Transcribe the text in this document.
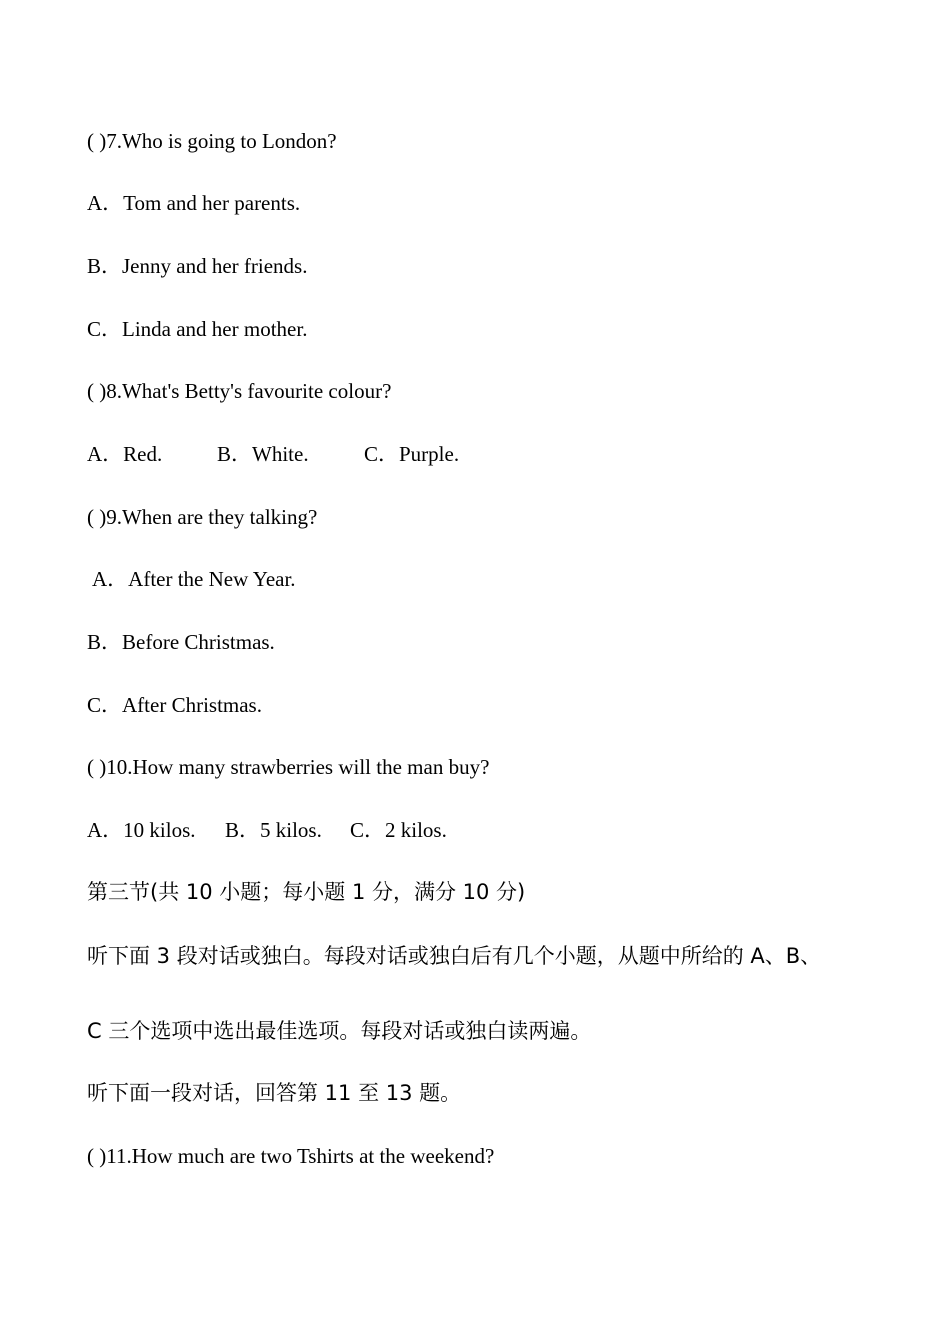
( )7.Who is going to London?
A．Tom and her parents.
B．Jenny and her friends.
C．Linda and her mother.
( )8.What's Betty's favourite colour?
A．Red.	B．White.	C．Purple.
( )9.When are they talking?
A．After the New Year.
B．Before Christmas.
C．After Christmas.
( )10.How many strawberries will the man buy?
A．10 kilos. B．5 kilos. C．2 kilos.
第三节(共 10 小题；每小题 1 分，满分 10 分)
听下面 3 段对话或独白。每段对话或独白后有几个小题，从题中所给的 A、B、
C 三个选项中选出最佳选项。每段对话或独白读两遍。
听下面一段对话，回答第 11 至 13 题。
( )11.How much are two Tshirts at the weekend?
